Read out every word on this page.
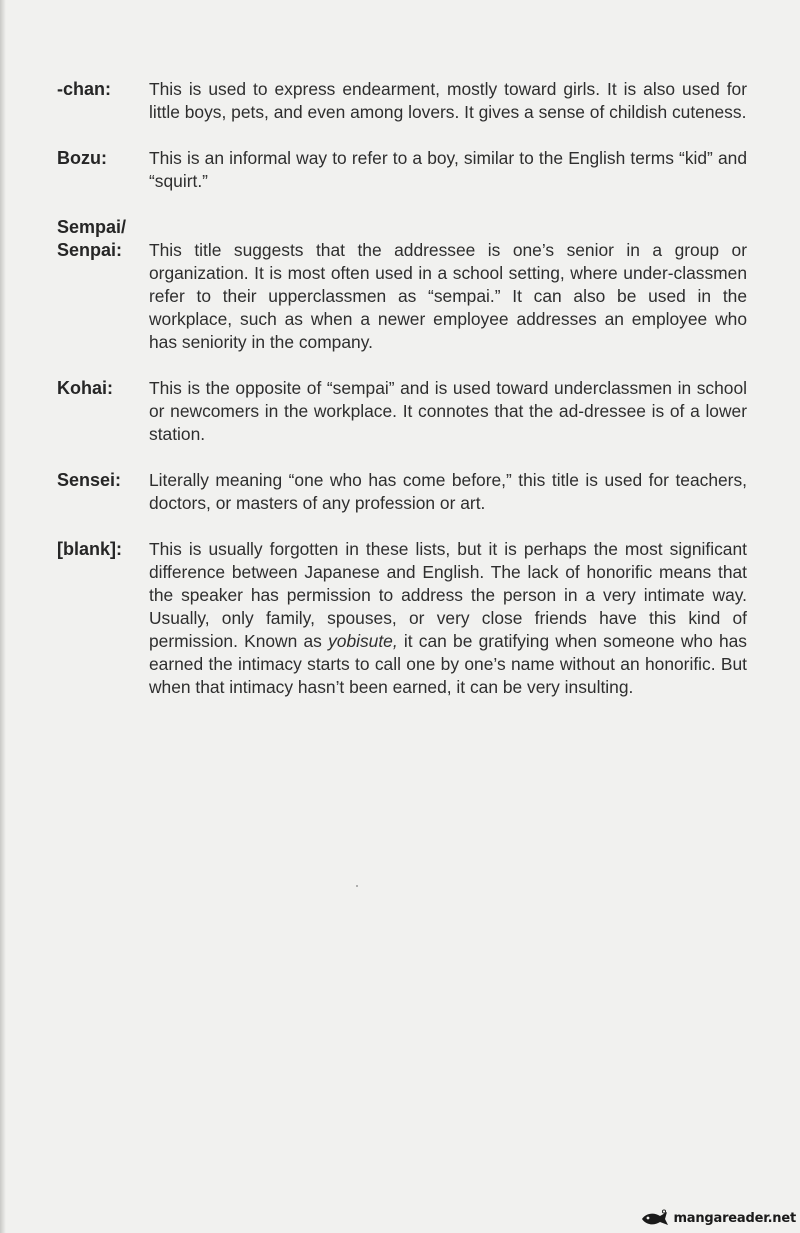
-chan:	This is used to express endearment, mostly toward girls. It is also used for little boys, pets, and even among lovers. It gives a sense of childish cuteness.
Bozu:	This is an informal way to refer to a boy, similar to the English terms “kid” and “squirt.”
Sempai/
Senpai:	This title suggests that the addressee is one’s senior in a group or organization. It is most often used in a school setting, where under-classmen refer to their upperclassmen as “sempai.” It can also be used in the workplace, such as when a newer employee addresses an employee who has seniority in the company.
Kohai:	This is the opposite of “sempai” and is used toward underclassmen in school or newcomers in the workplace. It connotes that the ad-dressee is of a lower station.
Sensei:	Literally meaning “one who has come before,” this title is used for teachers, doctors, or masters of any profession or art.
[blank]:	This is usually forgotten in these lists, but it is perhaps the most significant difference between Japanese and English. The lack of honorific means that the speaker has permission to address the person in a very intimate way. Usually, only family, spouses, or very close friends have this kind of permission. Known as yobisute, it can be gratifying when someone who has earned the intimacy starts to call one by one’s name without an honorific. But when that intimacy hasn’t been earned, it can be very insulting.
mangareader.net
